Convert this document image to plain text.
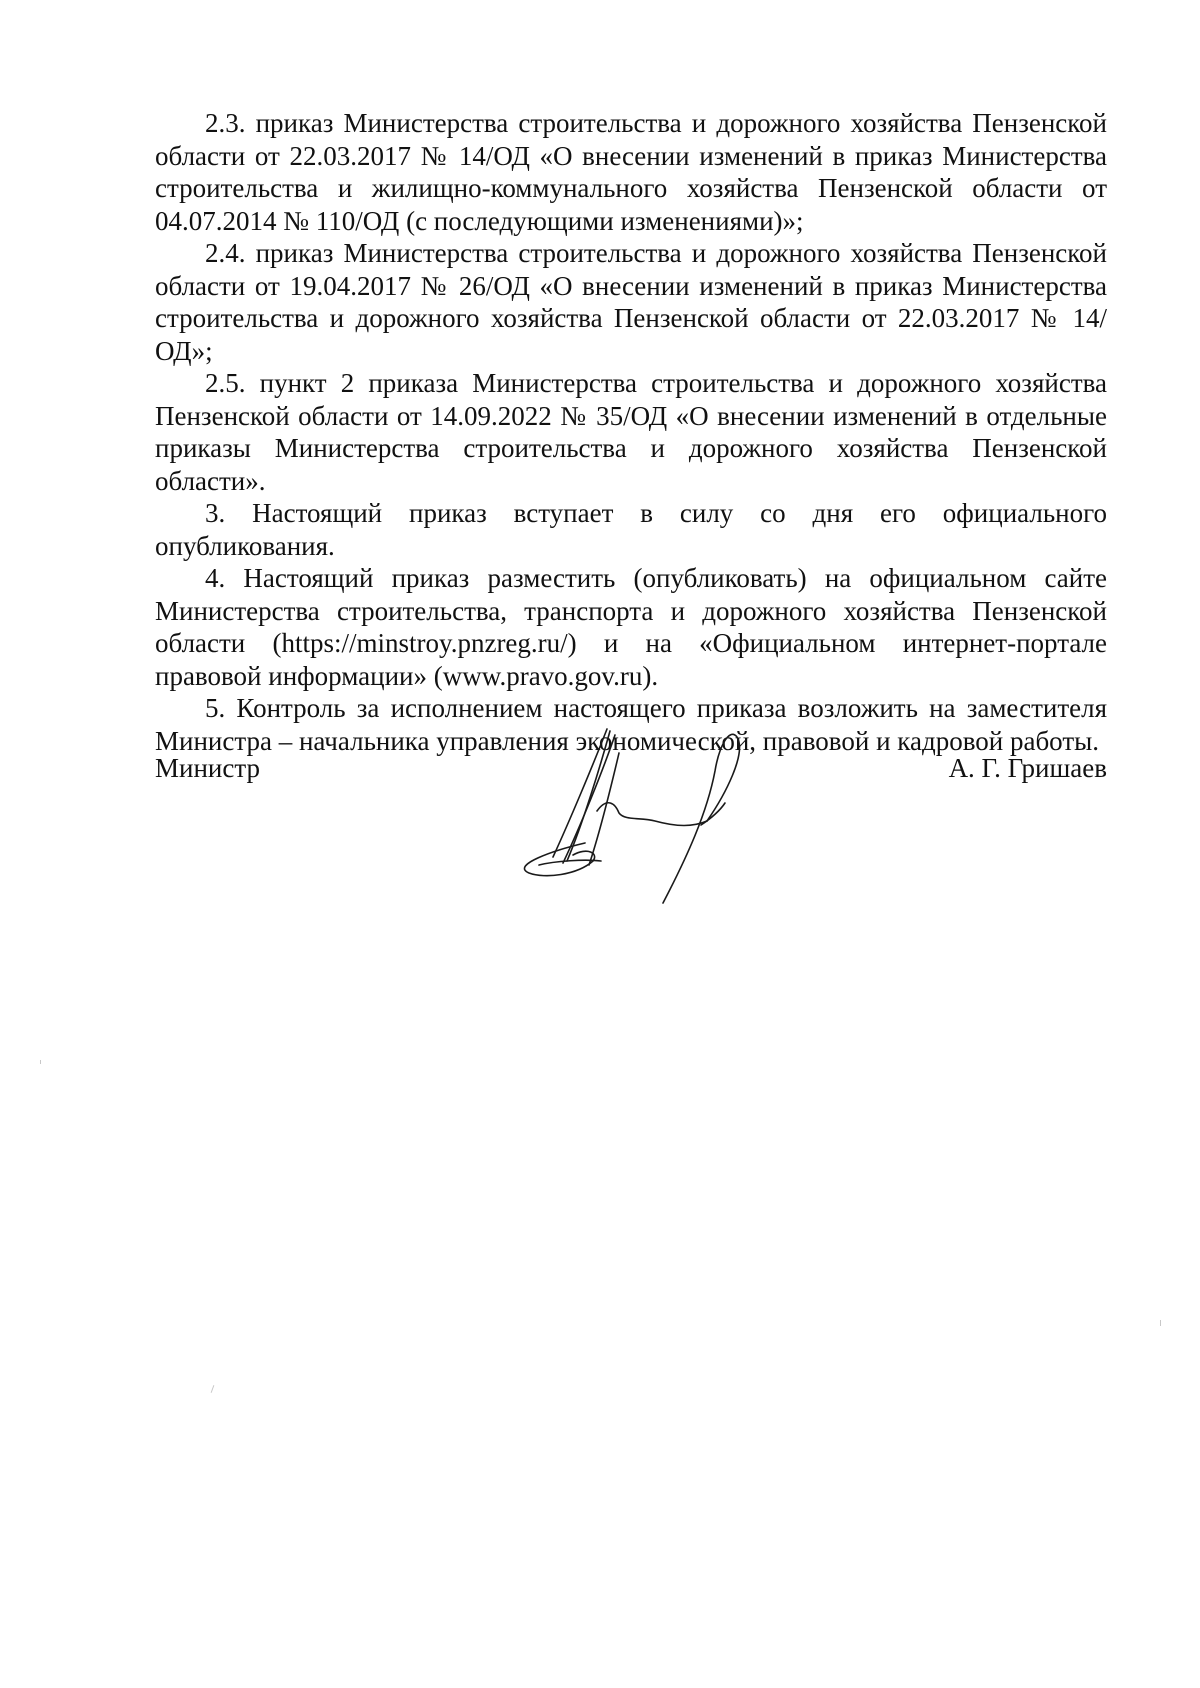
2.3. приказ Министерства строительства и дорожного хозяйства Пензенской области от 22.03.2017 № 14/ОД «О внесении изменений в приказ Министерства строительства и жилищно-коммунального хозяйства Пензенской области от 04.07.2014 № 110/ОД (с последующими изменениями)»;

2.4. приказ Министерства строительства и дорожного хозяйства Пензенской области от 19.04.2017 № 26/ОД «О внесении изменений в приказ Министерства строительства и дорожного хозяйства Пензенской области от 22.03.2017 № 14/ОД»;

2.5. пункт 2 приказа Министерства строительства и дорожного хозяйства Пензенской области от 14.09.2022 № 35/ОД «О внесении изменений в отдельные приказы Министерства строительства и дорожного хозяйства Пензенской области».

3. Настоящий приказ вступает в силу со дня его официального опубликования.

4. Настоящий приказ разместить (опубликовать) на официальном сайте Министерства строительства, транспорта и дорожного хозяйства Пензенской области (https://minstroy.pnzreg.ru/) и на «Официальном интернет-портале правовой информации» (www.pravo.gov.ru).

5. Контроль за исполнением настоящего приказа возложить на заместителя Министра – начальника управления экономической, правовой и кадровой работы.

Министр	А. Г. Гришаев
